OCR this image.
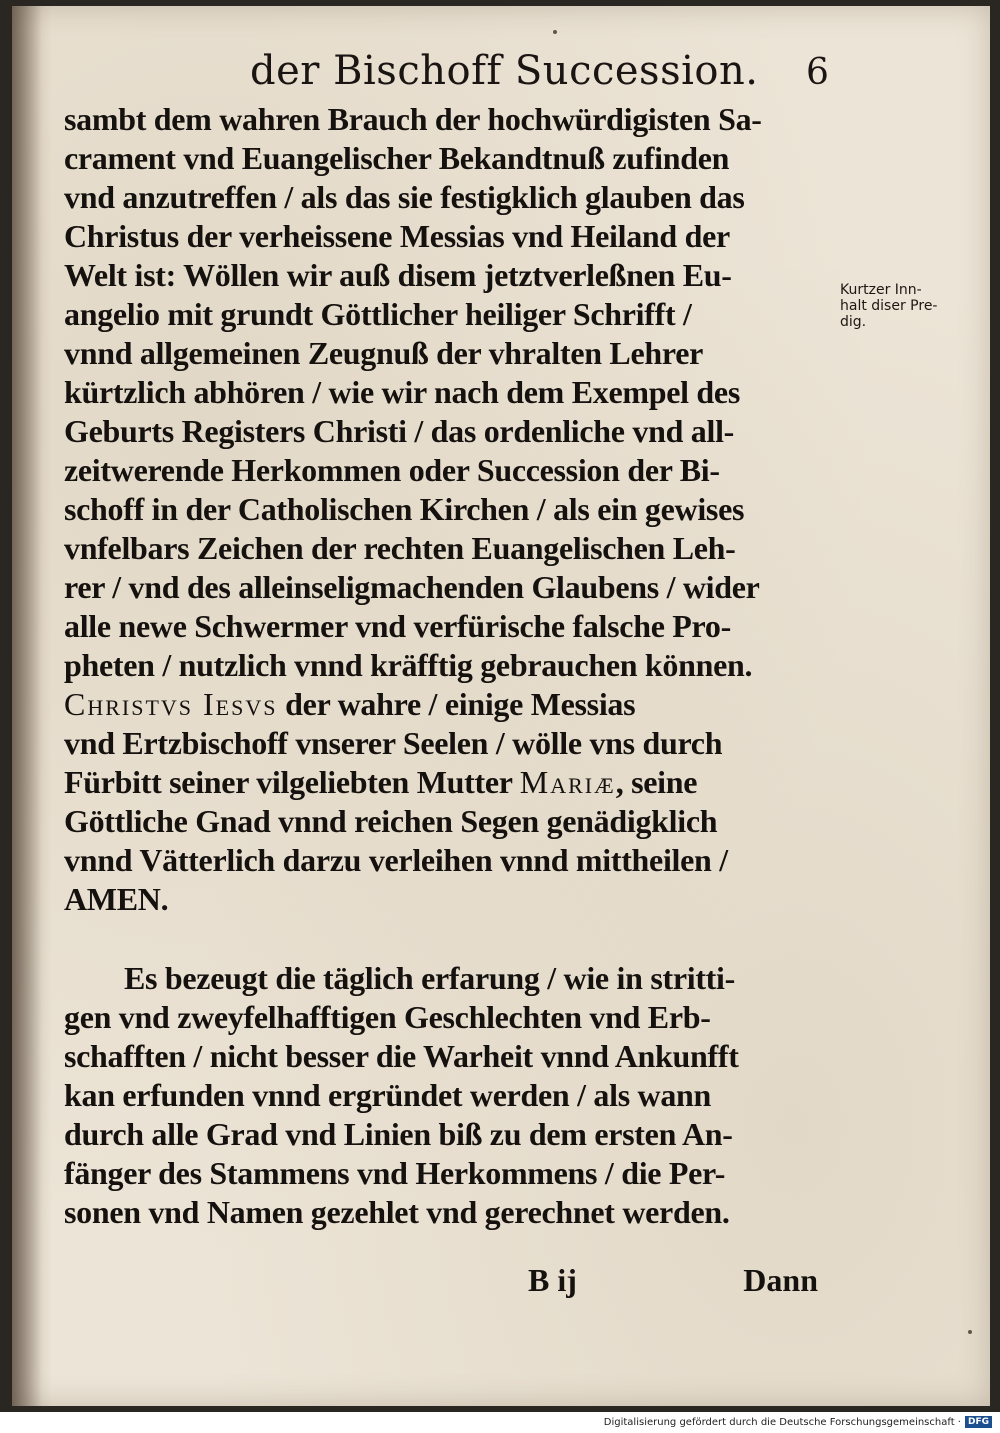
der Bischoff Succession. 6
sambt dem wahren Brauch der hochwürdigisten Sa-
crament vnd Euangelischer Bekandtnuß zufinden
vnd anzutreffen / als das sie festigklich glauben das
Christus der verheissene Messias vnd Heiland der
Welt ist: Wöllen wir auß disem jetztverleßnen Eu-
angelio mit grundt Göttlicher heiliger Schrifft /
vnnd allgemeinen Zeugnuß der vhralten Lehrer
kürtzlich abhören / wie wir nach dem Exempel des
Geburts Registers Christi / das ordenliche vnd all-
zeitwerende Herkommen oder Succession der Bi-
schoff in der Catholischen Kirchen / als ein gewises
vnfelbars Zeichen der rechten Euangelischen Leh-
rer / vnd des alleinseligmachenden Glaubens / wider
alle newe Schwermer vnd verfürische falsche Pro-
pheten / nutzlich vnnd kräfftig gebrauchen können.
Christvs Iesvs der wahre / einige Messias
vnd Ertzbischoff vnserer Seelen / wölle vns durch
Fürbitt seiner vilgeliebten Mutter Mariæ, seine
Göttliche Gnad vnnd reichen Segen genädigklich
vnnd Vätterlich darzu verleihen vnnd mittheilen /
AMEN.
Es bezeugt die täglich erfarung / wie in stritti-
gen vnd zweyfelhafftigen Geschlechten vnd Erb-
schafften / nicht besser die Warheit vnnd Ankunfft
kan erfunden vnnd ergründet werden / als wann
durch alle Grad vnd Linien biß zu dem ersten An-
fänger des Stammens vnd Herkommens / die Per-
sonen vnd Namen gezehlet vnd gerechnet werden.
B ij	Dann
Kurtzer Inn-
halt diser Pre-
dig.
Digitalisierung gefördert durch die Deutsche Forschungsgemeinschaft · DFG
